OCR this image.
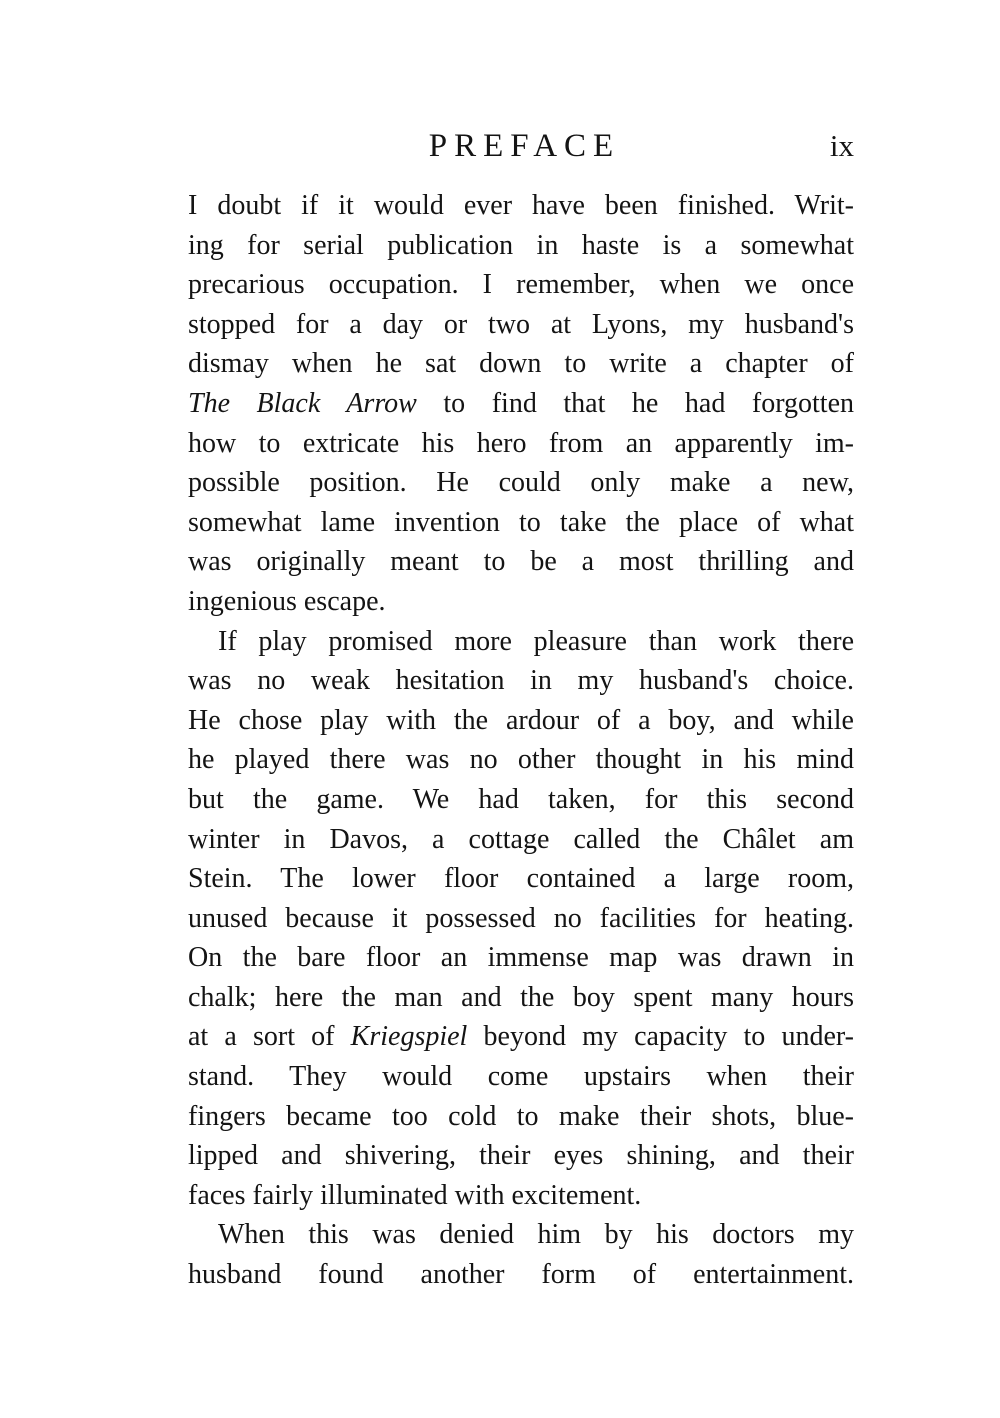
PREFACE	ix
I doubt if it would ever have been finished. Writ-
ing for serial publication in haste is a somewhat
precarious occupation. I remember, when we once
stopped for a day or two at Lyons, my husband's
dismay when he sat down to write a chapter of
The Black Arrow to find that he had forgotten
how to extricate his hero from an apparently im-
possible position. He could only make a new,
somewhat lame invention to take the place of what
was originally meant to be a most thrilling and
ingenious escape.
If play promised more pleasure than work there
was no weak hesitation in my husband's choice.
He chose play with the ardour of a boy, and while
he played there was no other thought in his mind
but the game. We had taken, for this second
winter in Davos, a cottage called the Châlet am
Stein. The lower floor contained a large room,
unused because it possessed no facilities for heating.
On the bare floor an immense map was drawn in
chalk; here the man and the boy spent many hours
at a sort of Kriegspiel beyond my capacity to under-
stand. They would come upstairs when their
fingers became too cold to make their shots, blue-
lipped and shivering, their eyes shining, and their
faces fairly illuminated with excitement.
When this was denied him by his doctors my
husband found another form of entertainment.
